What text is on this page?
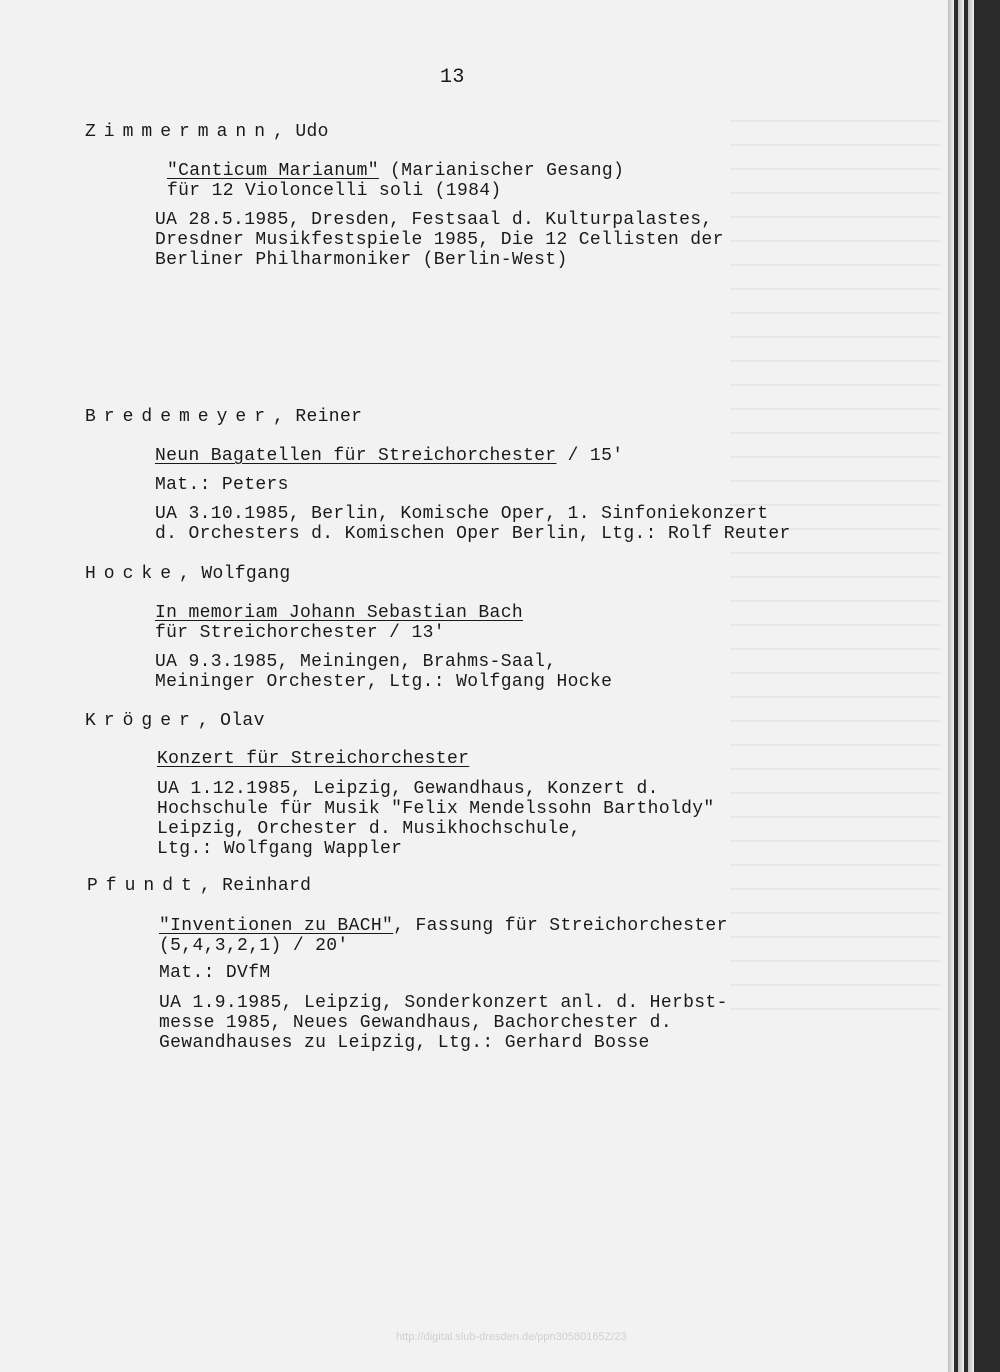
13
Zimmermann, Udo
"Canticum Marianum" (Marianischer Gesang)
für 12 Violoncelli soli (1984)
UA 28.5.1985, Dresden, Festsaal d. Kulturpalastes,
Dresdner Musikfestspiele 1985, Die 12 Cellisten der
Berliner Philharmoniker (Berlin-West)
Bredemeyer, Reiner
Neun Bagatellen für Streichorchester / 15'
Mat.: Peters
UA 3.10.1985, Berlin, Komische Oper, 1. Sinfoniekonzert
d. Orchesters d. Komischen Oper Berlin, Ltg.: Rolf Reuter
Hocke, Wolfgang
In memoriam Johann Sebastian Bach
für Streichorchester / 13'
UA 9.3.1985, Meiningen, Brahms-Saal,
Meininger Orchester, Ltg.: Wolfgang Hocke
Kröger, Olav
Konzert für Streichorchester
UA 1.12.1985, Leipzig, Gewandhaus, Konzert d.
Hochschule für Musik "Felix Mendelssohn Bartholdy"
Leipzig, Orchester d. Musikhochschule,
Ltg.: Wolfgang Wappler
Pfundt, Reinhard
"Inventionen zu BACH", Fassung für Streichorchester
(5,4,3,2,1) / 20'
Mat.: DVfM
UA 1.9.1985, Leipzig, Sonderkonzert anl. d. Herbst-
messe 1985, Neues Gewandhaus, Bachorchester d.
Gewandhauses zu Leipzig, Ltg.: Gerhard Bosse
http://digital.slub-dresden.de/ppn30580165Z/23
